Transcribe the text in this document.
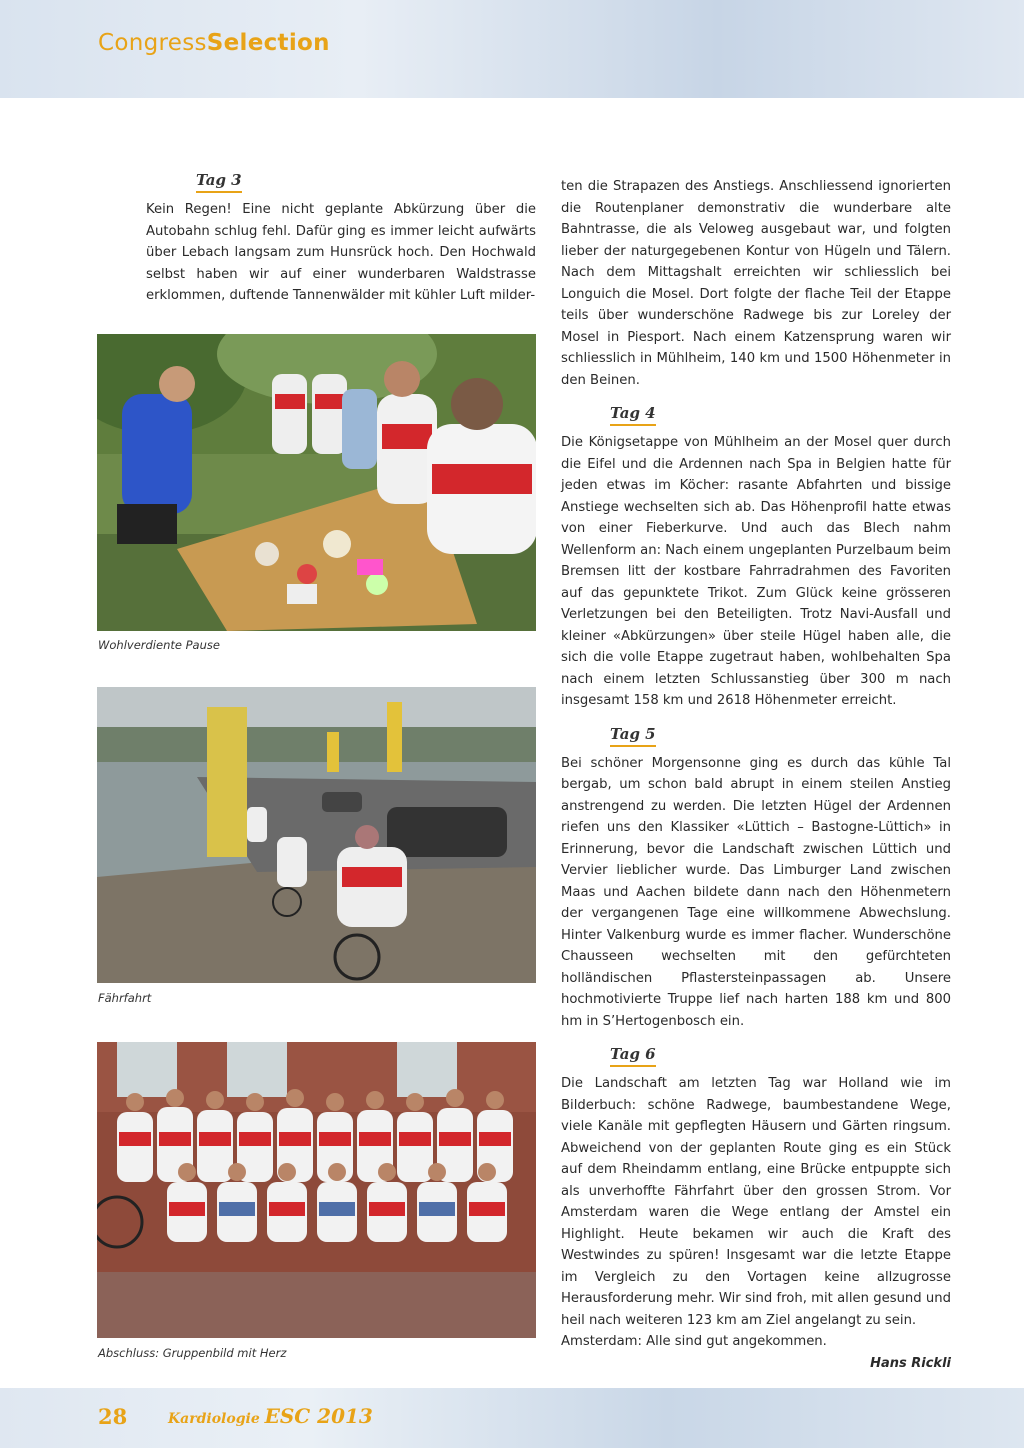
CongressSelection
Tag 3

Kein Regen! Eine nicht geplante Abkürzung über die Autobahn schlug fehl. Dafür ging es immer leicht aufwärts über Lebach langsam zum Hunsrück hoch. Den Hochwald selbst haben wir auf einer wunderbaren Waldstrasse erklommen, duftende Tannenwälder mit kühler Luft milder-

Wohlverdiente Pause
Fährfahrt
Abschluss: Gruppenbild mit Herz

ten die Strapazen des Anstiegs. Anschliessend ignorierten die Routenplaner demonstrativ die wunderbare alte Bahntrasse, die als Veloweg ausgebaut war, und folgten lieber der naturgegebenen Kontur von Hügeln und Tälern. Nach dem Mittagshalt erreichten wir schliesslich bei Longuich die Mosel. Dort folgte der flache Teil der Etappe teils über wunderschöne Radwege bis zur Loreley der Mosel in Piesport. Nach einem Katzensprung waren wir schliesslich in Mühlheim, 140 km und 1500 Höhenmeter in den Beinen.

Tag 4

Die Königsetappe von Mühlheim an der Mosel quer durch die Eifel und die Ardennen nach Spa in Belgien hatte für jeden etwas im Köcher: rasante Abfahrten und bissige Anstiege wechselten sich ab. Das Höhenprofil hatte etwas von einer Fieberkurve. Und auch das Blech nahm Wellenform an: Nach einem ungeplanten Purzelbaum beim Bremsen litt der kostbare Fahrradrahmen des Favoriten auf das gepunktete Trikot. Zum Glück keine grösseren Verletzungen bei den Beteiligten. Trotz Navi-Ausfall und kleiner «Abkürzungen» über steile Hügel haben alle, die sich die volle Etappe zugetraut haben, wohlbehalten Spa nach einem letzten Schlussanstieg über 300 m nach insgesamt 158 km und 2618 Höhenmeter erreicht.

Tag 5

Bei schöner Morgensonne ging es durch das kühle Tal bergab, um schon bald abrupt in einem steilen Anstieg anstrengend zu werden. Die letzten Hügel der Ardennen riefen uns den Klassiker «Lüttich – Bastogne-Lüttich» in Erinnerung, bevor die Landschaft zwischen Lüttich und Vervier lieblicher wurde. Das Limburger Land zwischen Maas und Aachen bildete dann nach den Höhenmetern der vergangenen Tage eine willkommene Abwechslung. Hinter Valkenburg wurde es immer flacher. Wunderschöne Chausseen wechselten mit den gefürchteten holländischen Pflastersteinpassagen ab. Unsere hochmotivierte Truppe lief nach harten 188 km und 800 hm in S’Hertogenbosch ein.

Tag 6

Die Landschaft am letzten Tag war Holland wie im Bilderbuch: schöne Radwege, baumbestandene Wege, viele Kanäle mit gepflegten Häusern und Gärten ringsum. Abweichend von der geplanten Route ging es ein Stück auf dem Rheindamm entlang, eine Brücke entpuppte sich als unverhoffte Fährfahrt über den grossen Strom. Vor Amsterdam waren die Wege entlang der Amstel ein Highlight. Heute bekamen wir auch die Kraft des Westwindes zu spüren! Insgesamt war die letzte Etappe im Vergleich zu den Vortagen keine allzugrosse Herausforderung mehr. Wir sind froh, mit allen gesund und heil nach weiteren 123 km am Ziel angelangt zu sein.

Amsterdam: Alle sind gut angekommen.

Hans Rickli
28	Kardiologie ESC 2013
